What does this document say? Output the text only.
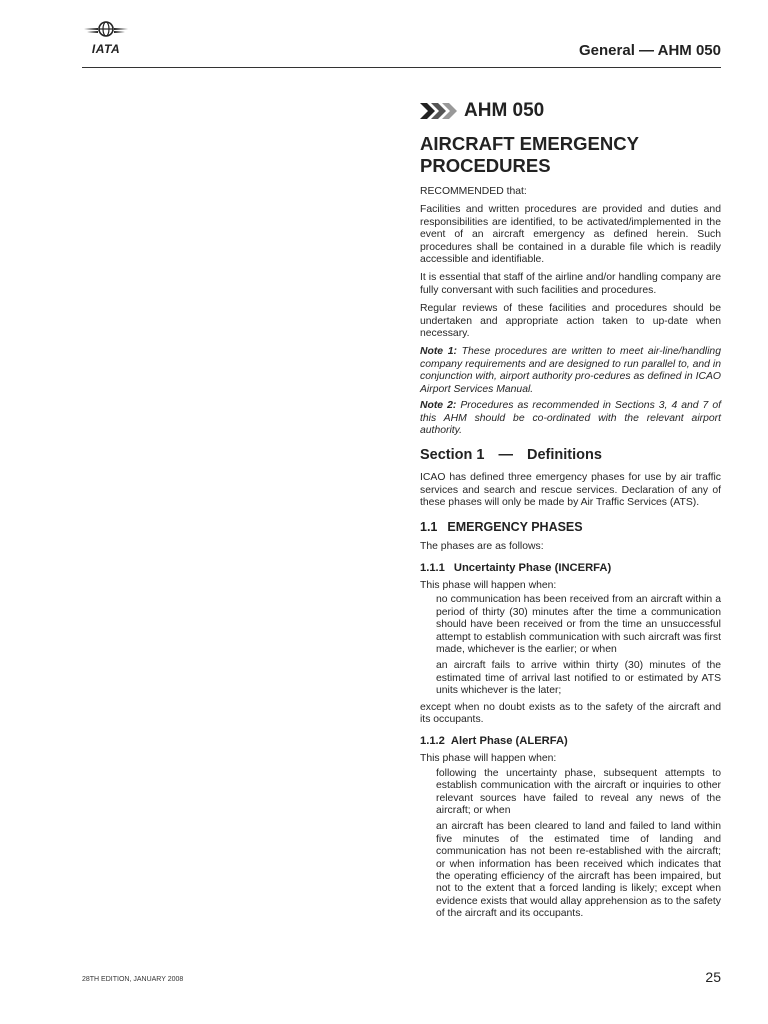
IATA	General — AHM 050
AHM 050
AIRCRAFT EMERGENCY
PROCEDURES

RECOMMENDED that:

Facilities and written procedures are provided and duties and responsibilities are identified, to be activated/implemented in the event of an aircraft emergency as defined herein. Such procedures shall be contained in a durable file which is readily accessible and identifiable.

It is essential that staff of the airline and/or handling company are fully conversant with such facilities and procedures.

Regular reviews of these facilities and procedures should be undertaken and appropriate action taken to up-date when necessary.

Note 1: These procedures are written to meet air-line/handling company requirements and are designed to run parallel to, and in conjunction with, airport authority pro-cedures as defined in ICAO Airport Services Manual.

Note 2: Procedures as recommended in Sections 3, 4 and 7 of this AHM should be co-ordinated with the relevant airport authority.

Section 1 — Definitions

ICAO has defined three emergency phases for use by air traffic services and search and rescue services. Declaration of any of these phases will only be made by Air Traffic Services (ATS).

1.1 EMERGENCY PHASES

The phases are as follows:

1.1.1 Uncertainty Phase (INCERFA)

This phase will happen when:

no communication has been received from an aircraft within a period of thirty (30) minutes after the time a communication should have been received or from the time an unsuccessful attempt to establish communication with such aircraft was first made, whichever is the earlier; or when

an aircraft fails to arrive within thirty (30) minutes of the estimated time of arrival last notified to or estimated by ATS units whichever is the later;

except when no doubt exists as to the safety of the aircraft and its occupants.

1.1.2 Alert Phase (ALERFA)

This phase will happen when:

following the uncertainty phase, subsequent attempts to establish communication with the aircraft or inquiries to other relevant sources have failed to reveal any news of the aircraft; or when

an aircraft has been cleared to land and failed to land within five minutes of the estimated time of landing and communication has not been re-established with the aircraft; or when information has been received which indicates that the operating efficiency of the aircraft has been impaired, but not to the extent that a forced landing is likely; except when evidence exists that would allay apprehension as to the safety of the aircraft and its occupants.

28TH EDITION, JANUARY 2008	25
